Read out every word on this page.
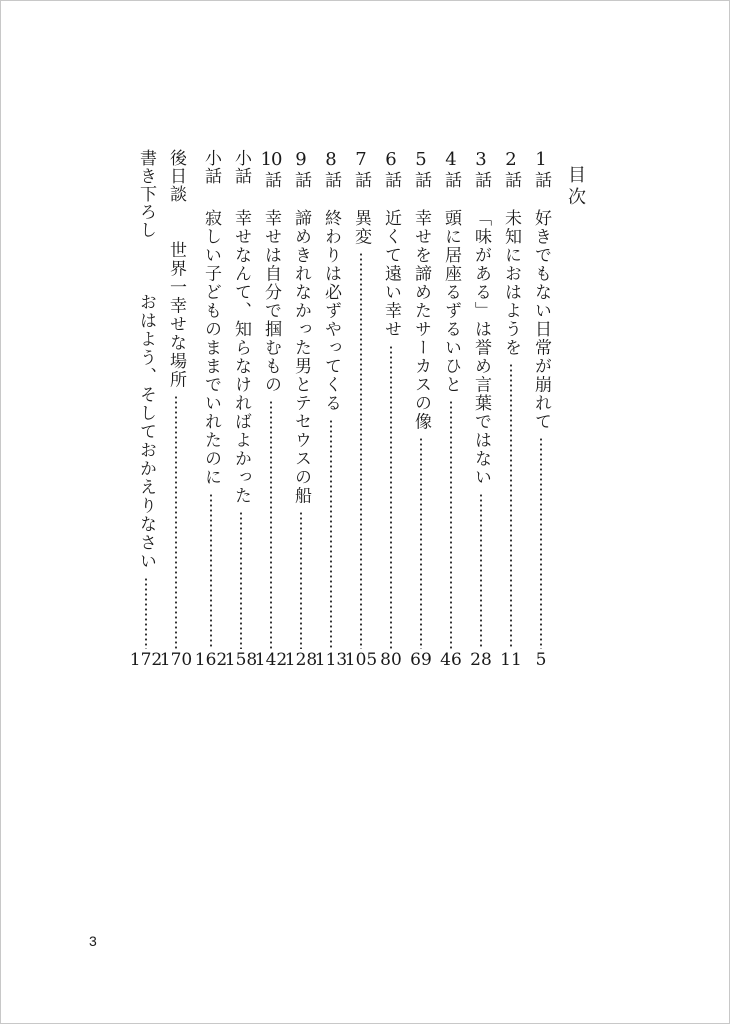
目次
1
話
好きでもない日常が崩れて
5
2
話
未知におはようを
11
3
話
「味がある」は誉め言葉ではない
28
4
話
頭に居座るずるいひと
46
5
話
幸せを諦めたサーカスの像
69
6
話
近くて遠い幸せ
80
7
話
異変
105
8
話
終わりは必ずやってくる
113
9
話
諦めきれなかった男とテセウスの船
128
10
話
幸せは自分で掴むもの
142
小話
幸せなんて、知らなければよかった
158
小話
寂しい子どものままでいれたのに
162
後日談
世界一幸せな場所
170
書き下ろし
おはよう、そしておかえりなさい
172
3
